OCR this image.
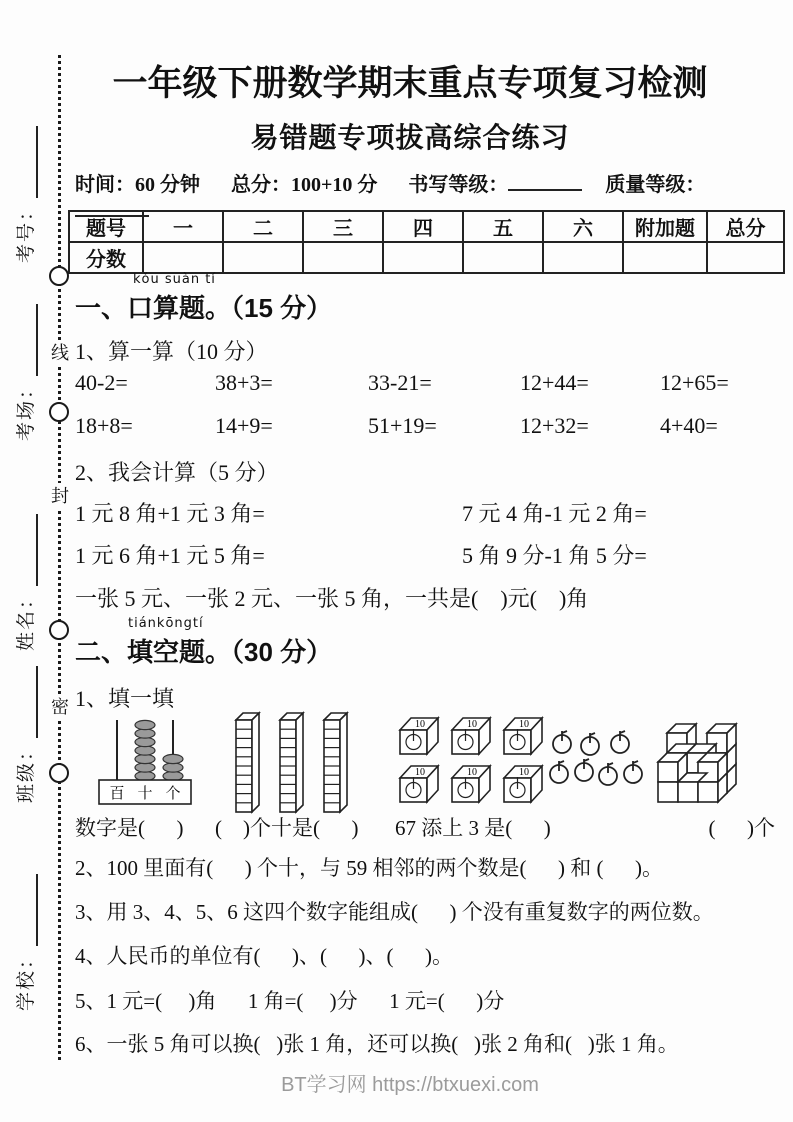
线
封
密
考号：
考场：
姓名：
班级：
学校：
一年级下册数学期末重点专项复习检测
易错题专项拔高综合练习
时间：60 分钟 总分：100+10 分 书写等级：	质量等级：
题号	一	二	三	四	五	六	附加题	总分
分数								
kǒu suàn tí
一、口算题。（15 分）
1、算一算（10 分）
40-2=	38+3=	33-21=	12+44=	12+65=
18+8=	14+9=	51+19=	12+32=	4+40=
2、我会计算（5 分）
1 元 8 角+1 元 3 角=	7 元 4 角-1 元 2 角=
1 元 6 角+1 元 5 角=	5 角 9 分-1 角 5 分=
一张 5 元、一张 2 元、一张 5 角，一共是(    )元(    )角
tiánkōngtí
二、填空题。（30 分）
1、填一填
百 十 个
10	10	10
10	10	10
数字是(      )	(    )个十是(      )	67 添上 3 是(      )	(      )个
2、100 里面有(      ) 个十，与 59 相邻的两个数是(      ) 和 (      )。
3、用 3、4、5、6 这四个数字能组成(      ) 个没有重复数字的两位数。
4、人民币的单位有(      )、(      )、(      )。
5、1 元=(     )角      1 角=(     )分      1 元=(      )分
6、一张 5 角可以换(   )张 1 角，还可以换(   )张 2 角和(   )张 1 角。
BT学习网 https://btxuexi.com
